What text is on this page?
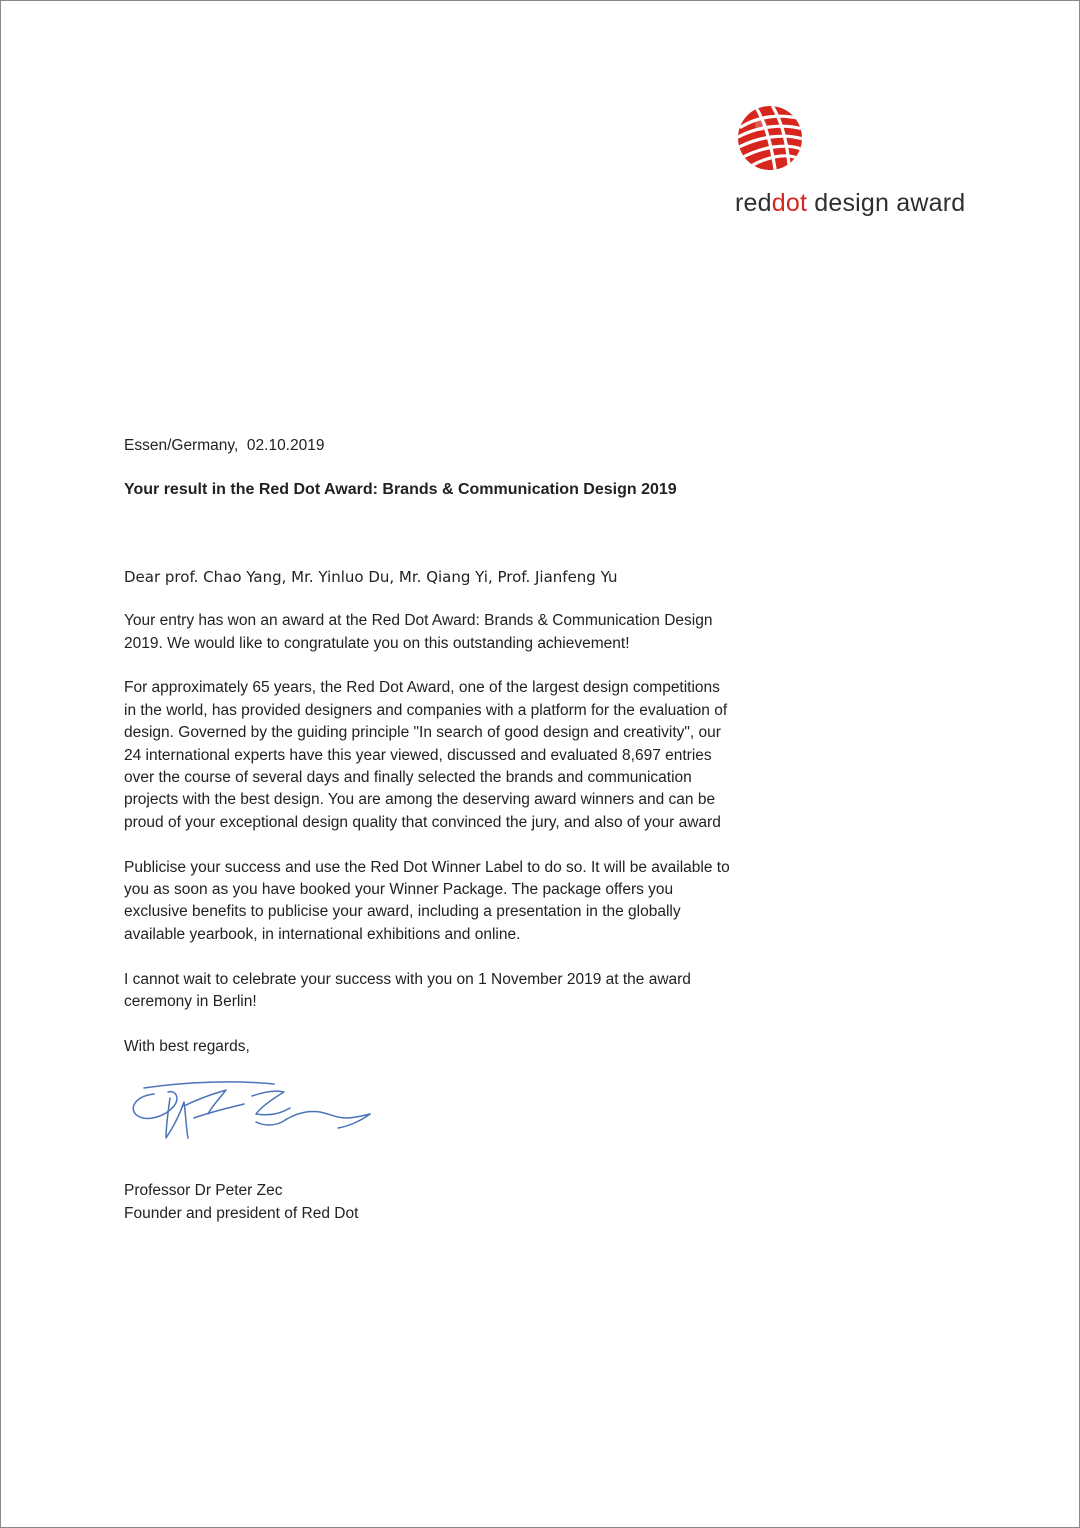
reddot design award

Essen/Germany,  02.10.2019

Your result in the Red Dot Award: Brands & Communication Design 2019

Dear prof. Chao Yang, Mr. Yinluo Du, Mr. Qiang Yi, Prof. Jianfeng Yu

Your entry has won an award at the Red Dot Award: Brands & Communication Design 2019. We would like to congratulate you on this outstanding achievement!

For approximately 65 years, the Red Dot Award, one of the largest design competitions in the world, has provided designers and companies with a platform for the evaluation of design. Governed by the guiding principle "In search of good design and creativity", our 24 international experts have this year viewed, discussed and evaluated 8,697 entries over the course of several days and finally selected the brands and communication projects with the best design. You are among the deserving award winners and can be proud of your exceptional design quality that convinced the jury, and also of your award

Publicise your success and use the Red Dot Winner Label to do so. It will be available to you as soon as you have booked your Winner Package. The package offers you exclusive benefits to publicise your award, including a presentation in the globally available yearbook, in international exhibitions and online.

I cannot wait to celebrate your success with you on 1 November 2019 at the award ceremony in Berlin!

With best regards,

Professor Dr Peter Zec

Founder and president of Red Dot
